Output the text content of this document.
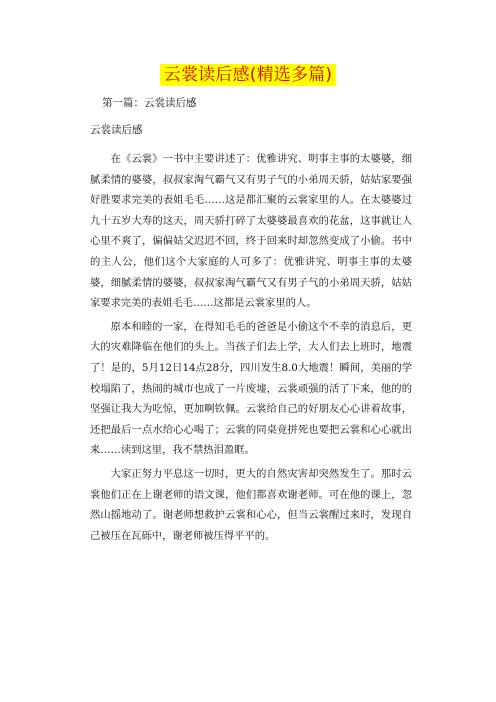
云裳读后感(精选多篇)
第一篇：云裳读后感
云裳读后感

在《云裳》一书中主要讲述了：优雅讲究、明事主事的太婆婆，细腻柔情的婆婆，叔叔家淘气霸气又有男子气的小弟周天骄，姑姑家要强好胜要求完美的表姐毛毛……这是都汇聚的云裳家里的人。在太婆婆过九十五岁大寿的这天，周天骄打碎了太婆婆最喜欢的花盆，这事就让人心里不爽了，偏偏姑父迟迟不回，终于回来时却忽然变成了小偷。书中的主人公，他们这个大家庭的人可多了：优雅讲究、明事主事的太婆婆，细腻柔情的婆婆，叔叔家淘气霸气又有男子气的小弟周天骄，姑姑家要求完美的表姐毛毛……这都是云裳家里的人。

原本和睦的一家，在得知毛毛的爸爸是小偷这个不幸的消息后，更大的灾难降临在他们的头上。当孩子们去上学，大人们去上班时，地震了！是的，5月12日14点28分，四川发生8.0大地震！瞬间，美丽的学校塌陷了，热闹的城市也成了一片废墟，云裳顽强的活了下来，他的的坚强让我大为吃惊，更加啊钦佩。云裳给自己的好朋友心心讲着故事，还把最后一点水给心心喝了；云裳的同桌竟拼死也要把云裳和心心就出来……读到这里，我不禁热泪盈眶。

大家正努力平息这一切时，更大的自然灾害却突然发生了。那时云裳他们正在上谢老师的语文课，他们都喜欢谢老师。可在他的课上，忽然山摇地动了。谢老师想救护云裳和心心，但当云裳醒过来时，发现自己被压在瓦砾中，谢老师被压得平平的。
